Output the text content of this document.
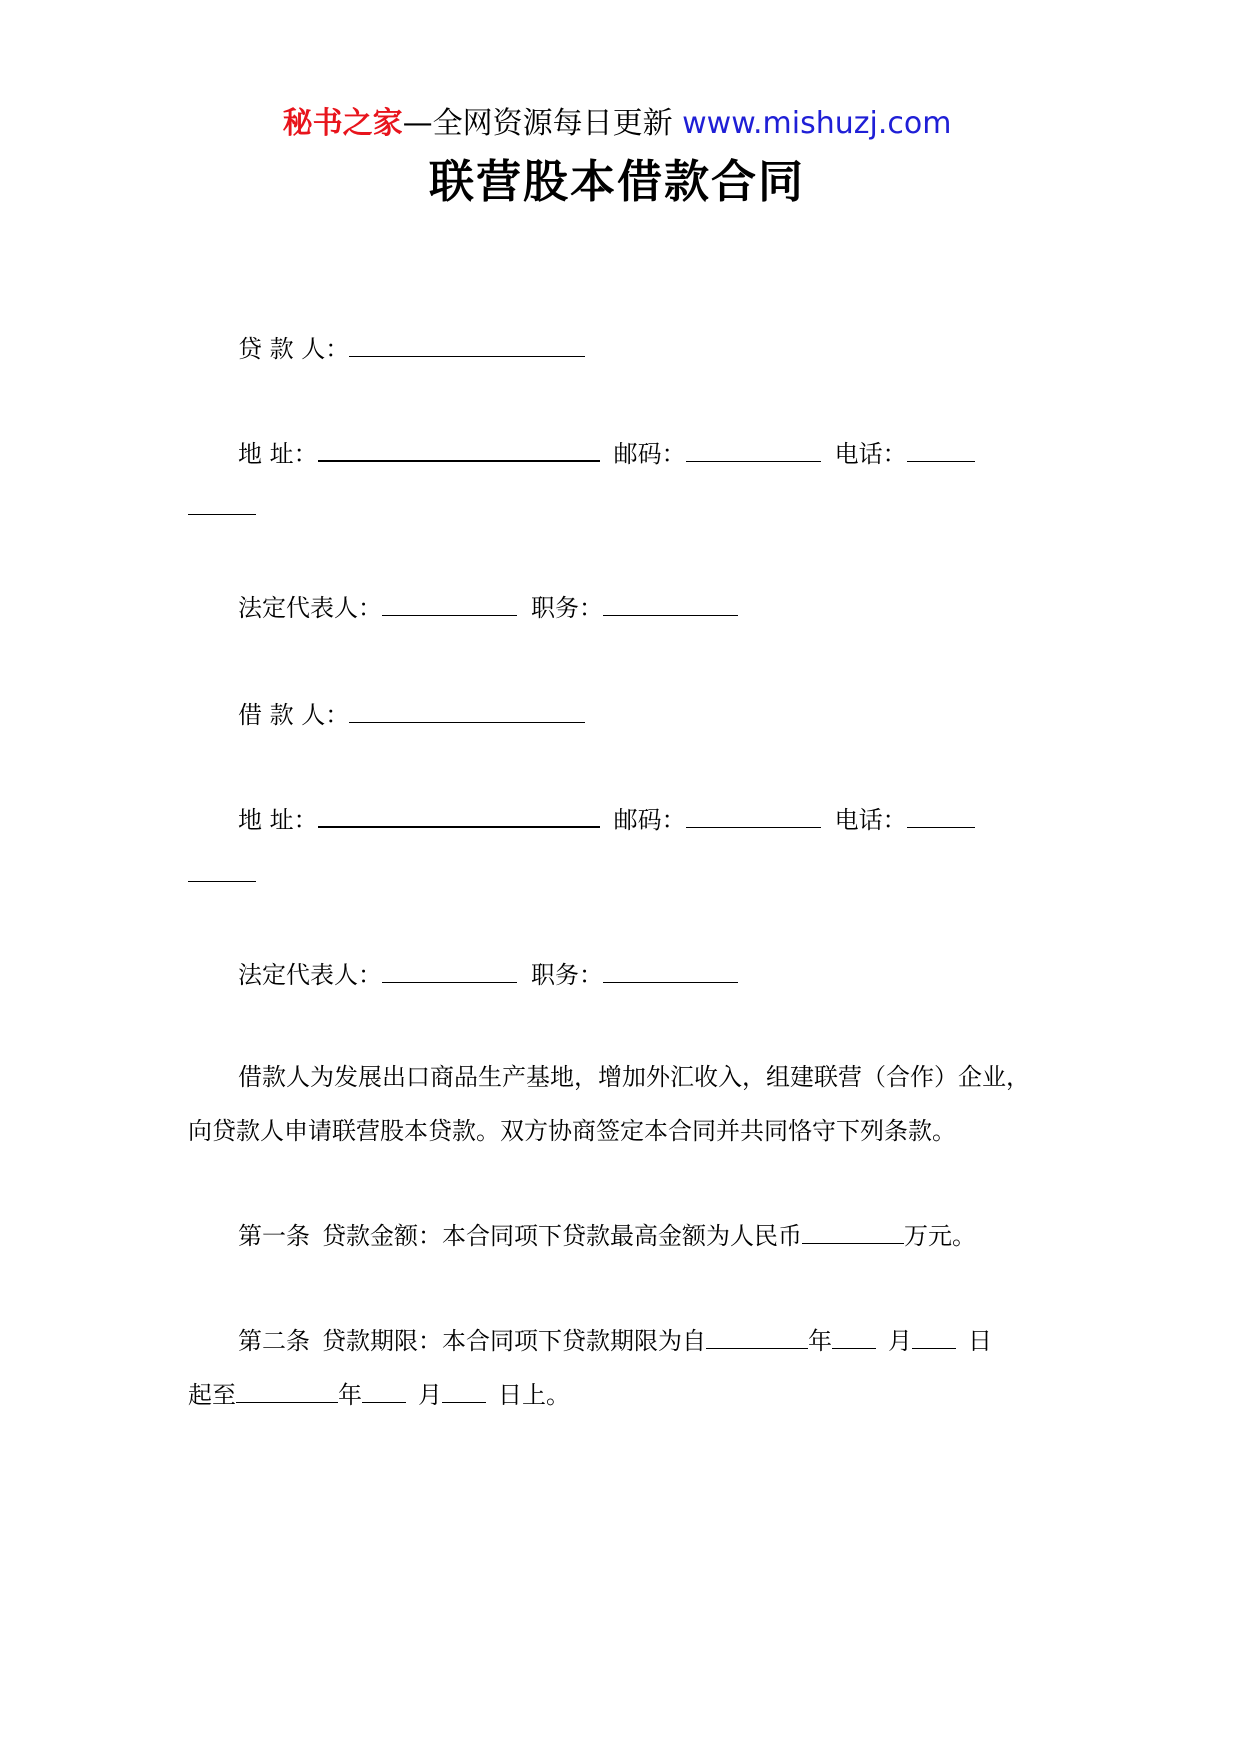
秘书之家—全网资源每日更新 www.mishuzj.com
联营股本借款合同
贷 款 人：
地 址：	邮码：	电话：
法定代表人：	职务：
借 款 人：
地 址：	邮码：	电话：
法定代表人：	职务：
借款人为发展出口商品生产基地，增加外汇收入，组建联营（合作）企业，
向贷款人申请联营股本贷款。双方协商签定本合同并共同恪守下列条款。
第一条 贷款金额：本合同项下贷款最高金额为人民币	万元。
第二条 贷款期限：本合同项下贷款期限为自	年 月 日
起至	年 月 日上。
